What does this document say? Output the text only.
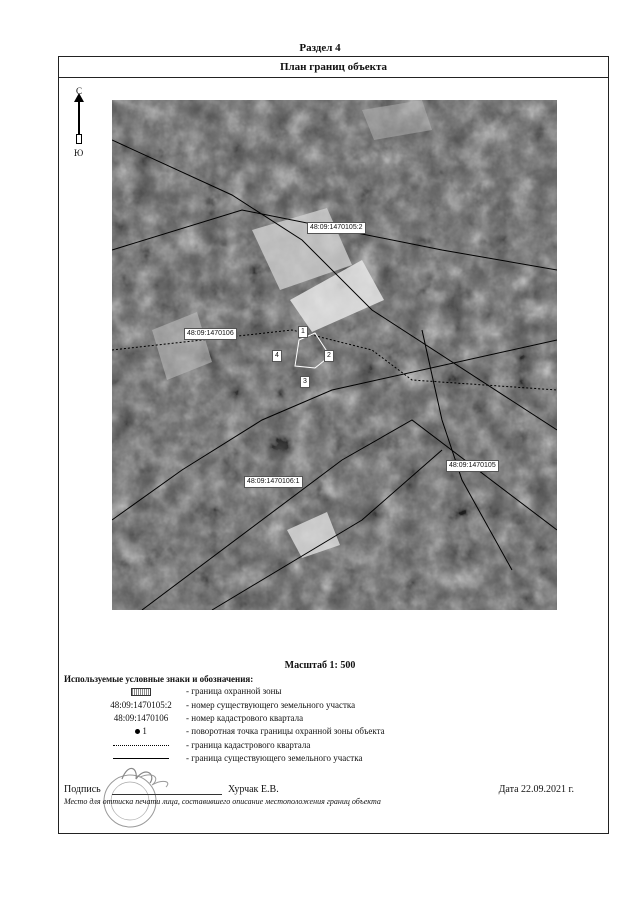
Раздел 4
План границ объекта
С
Ю
48:09:1470105:2
48:09:1470106
48:09:1470105
48:09:1470106:1
1
2
3
4
Масштаб 1: 500
Используемые условные знаки и обозначения:
- граница охранной зоны
48:09:1470105:2	- номер существующего земельного участка
48:09:1470106	- номер кадастрового квартала
1	- поворотная точка границы охранной зоны объекта
- граница кадастрового квартала
- граница существующего земельного участка
Подпись	Хурчак Е.В.	Дата 22.09.2021 г.
Место для оттиска печати лица, составившего описание местоположения границ объекта
